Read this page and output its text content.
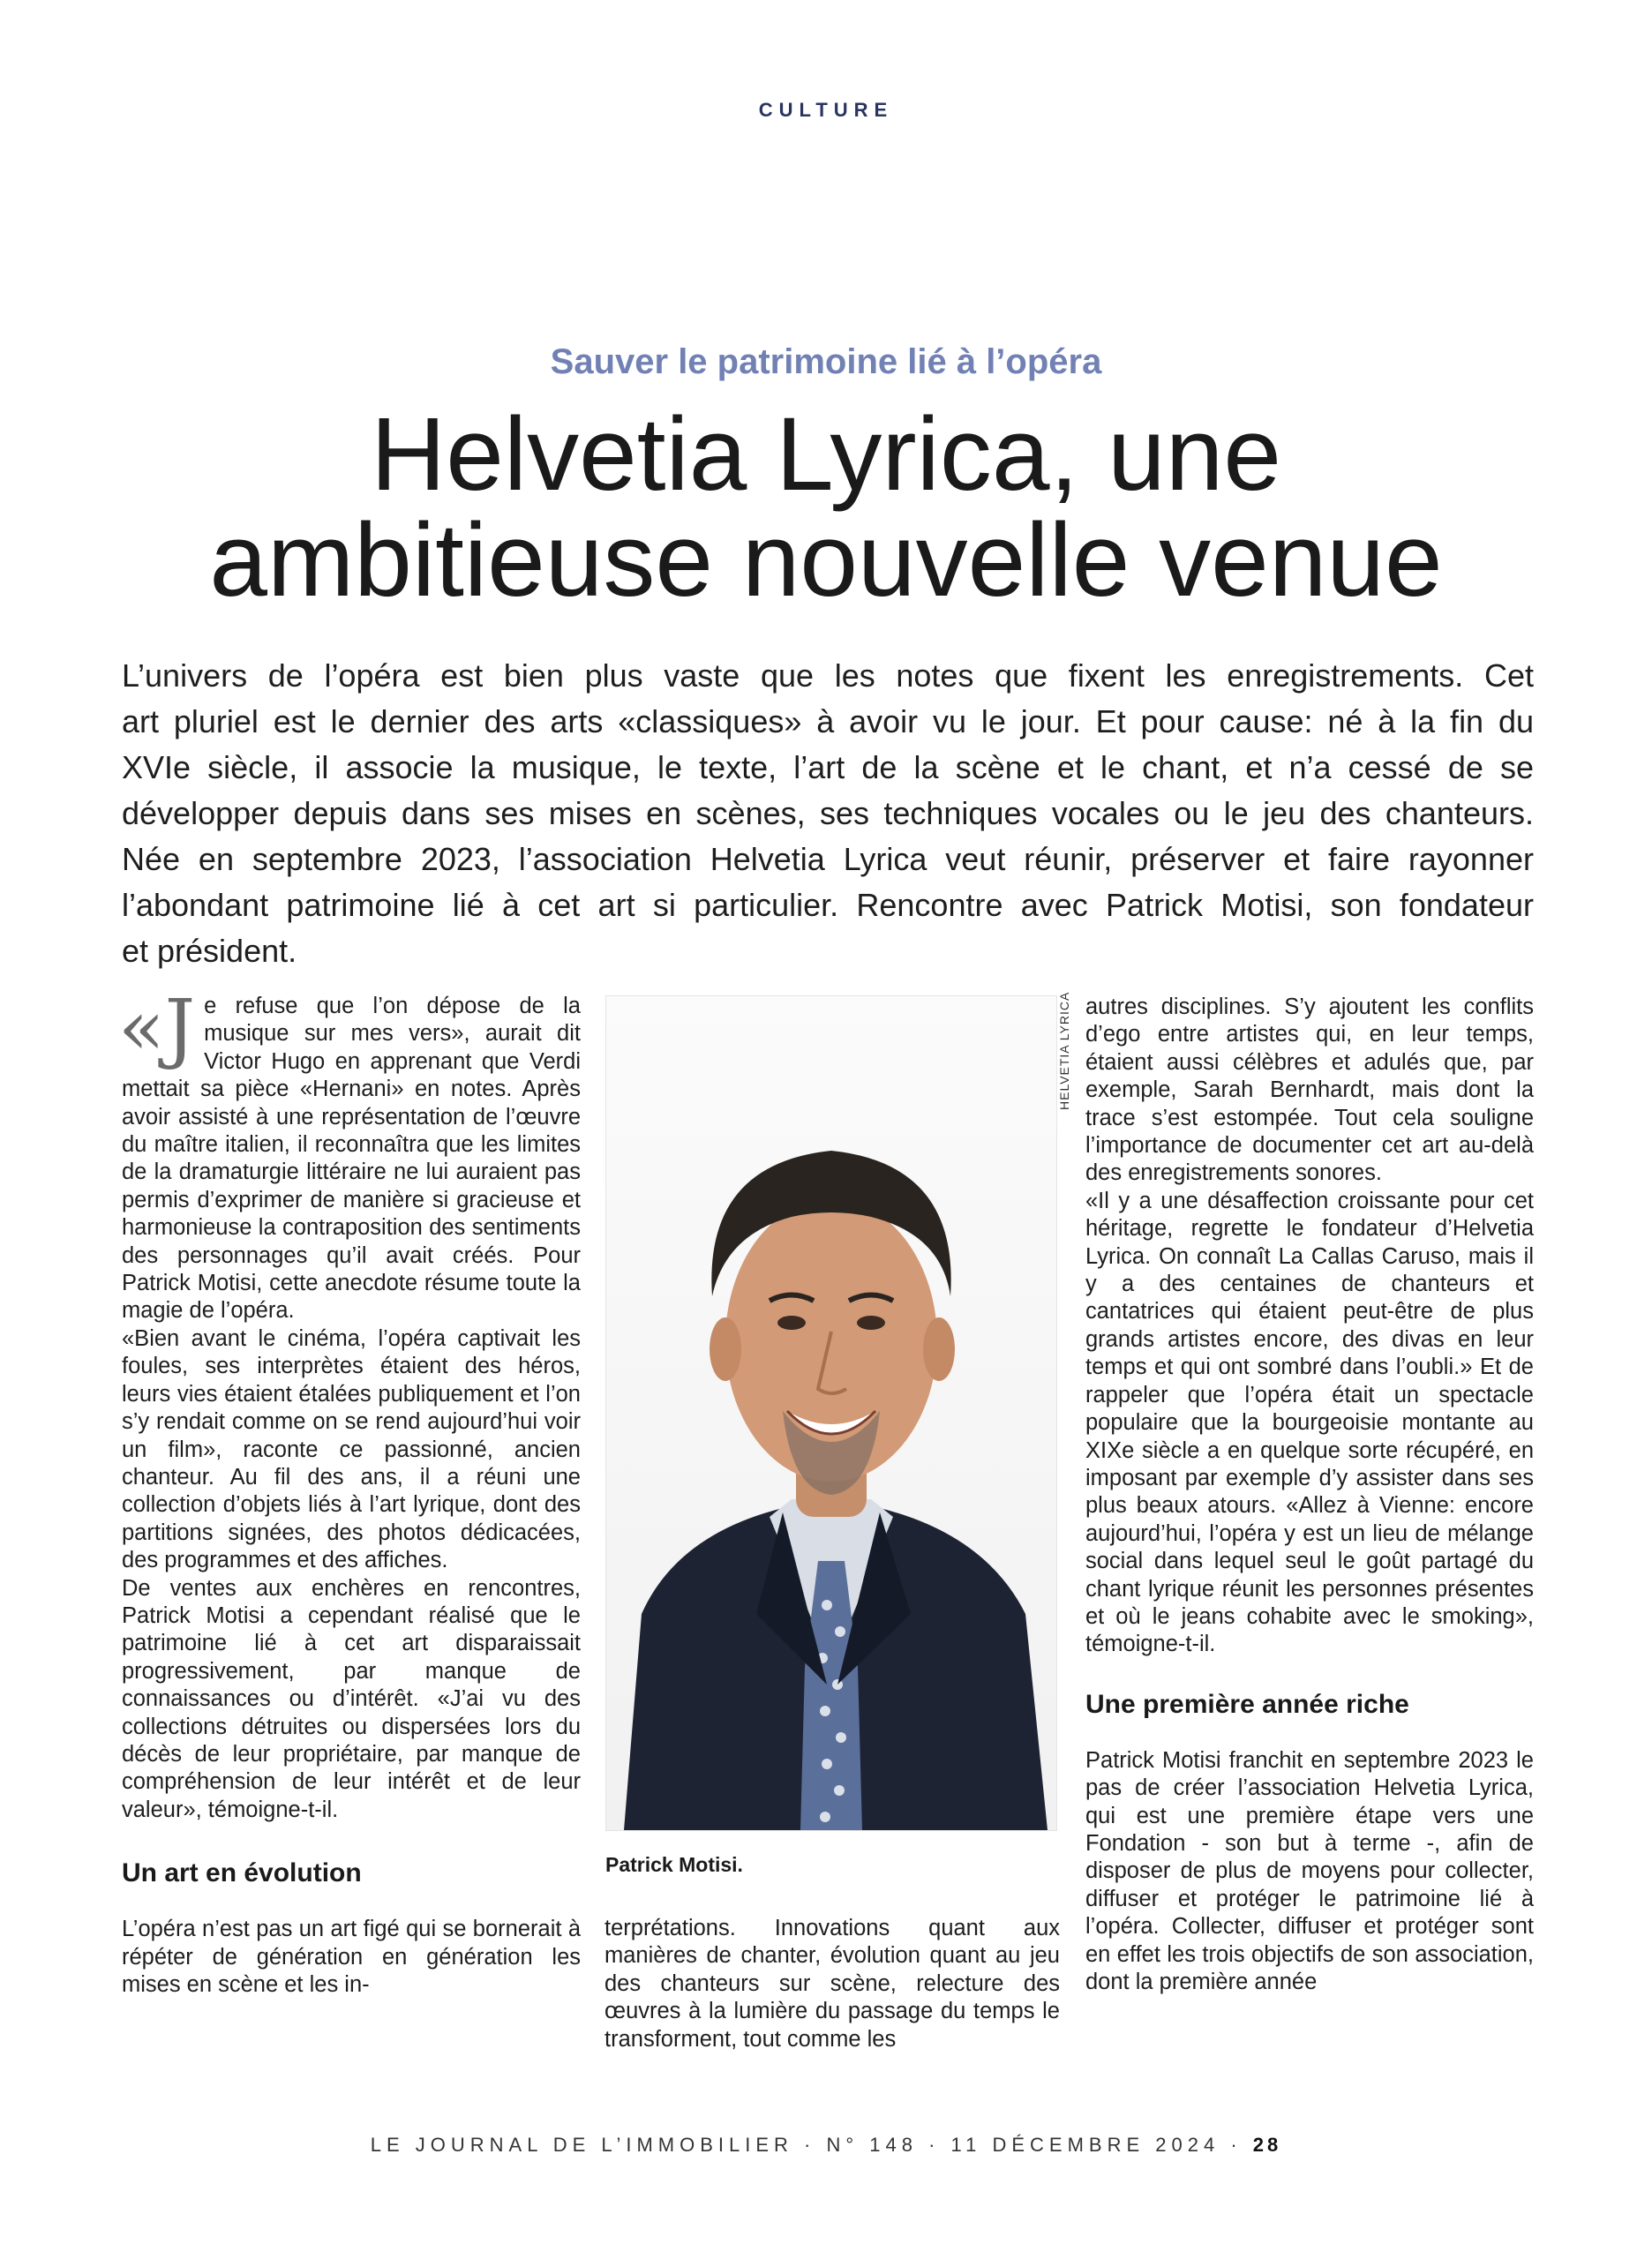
CULTURE
Sauver le patrimoine lié à l’opéra
Helvetia Lyrica, une
ambitieuse nouvelle venue

L’univers de l’opéra est bien plus vaste que les notes que fixent les enregistrements. Cet
art pluriel est le dernier des arts «classiques» à avoir vu le jour. Et pour cause: né à la fin du
XVIe siècle, il associe la musique, le texte, l’art de la scène et le chant, et n’a cessé de se
développer depuis dans ses mises en scènes, ses techniques vocales ou le jeu des chanteurs.
Née en septembre 2023, l’association Helvetia Lyrica veut réunir, préserver et faire rayonner
l’abondant patrimoine lié à cet art si particulier. Rencontre avec Patrick Motisi, son fondateur
et président.

«Je refuse que l’on dépose de la musique sur mes vers», aurait dit Victor Hugo en apprenant que Verdi mettait sa pièce «Hernani» en notes. Après avoir assisté à une représentation de l’œuvre du maître italien, il reconnaîtra que les limites de la dramaturgie littéraire ne lui auraient pas permis d’exprimer de manière si gracieuse et harmonieuse la contraposition des sentiments des personnages qu’il avait créés. Pour Patrick Motisi, cette anecdote résume toute la magie de l’opéra.

«Bien avant le cinéma, l’opéra captivait les foules, ses interprètes étaient des héros, leurs vies étaient étalées publiquement et l’on s’y rendait comme on se rend aujourd’hui voir un film», raconte ce passionné, ancien chanteur. Au fil des ans, il a réuni une collection d’objets liés à l’art lyrique, dont des partitions signées, des photos dédicacées, des programmes et des affiches.

De ventes aux enchères en rencontres, Patrick Motisi a cependant réalisé que le patrimoine lié à cet art disparaissait progressivement, par manque de connaissances ou d’intérêt. «J’ai vu des collections détruites ou dispersées lors du décès de leur propriétaire, par manque de compréhension de leur intérêt et de leur valeur», témoigne-t-il.

Un art en évolution

L’opéra n’est pas un art figé qui se bornerait à répéter de génération en génération les mises en scène et les in-

HELVETIA LYRICA
Patrick Motisi.

terprétations. Innovations quant aux manières de chanter, évolution quant au jeu des chanteurs sur scène, relecture des œuvres à la lumière du passage du temps le transforment, tout comme les

autres disciplines. S’y ajoutent les conflits d’ego entre artistes qui, en leur temps, étaient aussi célèbres et adulés que, par exemple, Sarah Bernhardt, mais dont la trace s’est estompée. Tout cela souligne l’importance de documenter cet art au-delà des enregistrements sonores.

«Il y a une désaffection croissante pour cet héritage, regrette le fondateur d’Helvetia Lyrica. On connaît La Callas Caruso, mais il y a des centaines de chanteurs et cantatrices qui étaient peut-être de plus grands artistes encore, des divas en leur temps et qui ont sombré dans l’oubli.» Et de rappeler que l’opéra était un spectacle populaire que la bourgeoisie montante au XIXe siècle a en quelque sorte récupéré, en imposant par exemple d’y assister dans ses plus beaux atours. «Allez à Vienne: encore aujourd’hui, l’opéra y est un lieu de mélange social dans lequel seul le goût partagé du chant lyrique réunit les personnes présentes et où le jeans cohabite avec le smoking», témoigne-t-il.

Une première année riche

Patrick Motisi franchit en septembre 2023 le pas de créer l’association Helvetia Lyrica, qui est une première étape vers une Fondation - son but à terme -, afin de disposer de plus de moyens pour collecter, diffuser et protéger le patrimoine lié à l’opéra. Collecter, diffuser et protéger sont en effet les trois objectifs de son association, dont la première année

LE JOURNAL DE L’IMMOBILIER · N° 148 · 11 DÉCEMBRE 2024 · 28
